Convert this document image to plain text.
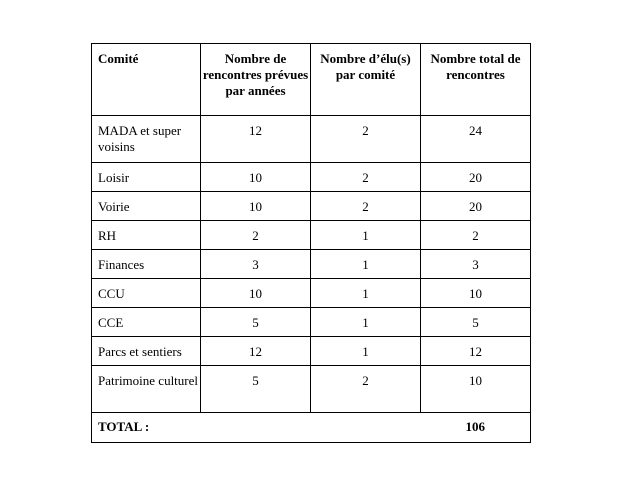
Comité	Nombre de rencontres prévues par années	Nombre d’élu(s) par comité	Nombre total de rencontres
MADA et super voisins	12	2	24
Loisir	10	2	20
Voirie	10	2	20
RH	2	1	2
Finances	3	1	3
CCU	10	1	10
CCE	5	1	5
Parcs et sentiers	12	1	12
Patrimoine culturel	5	2	10
TOTAL :			106
